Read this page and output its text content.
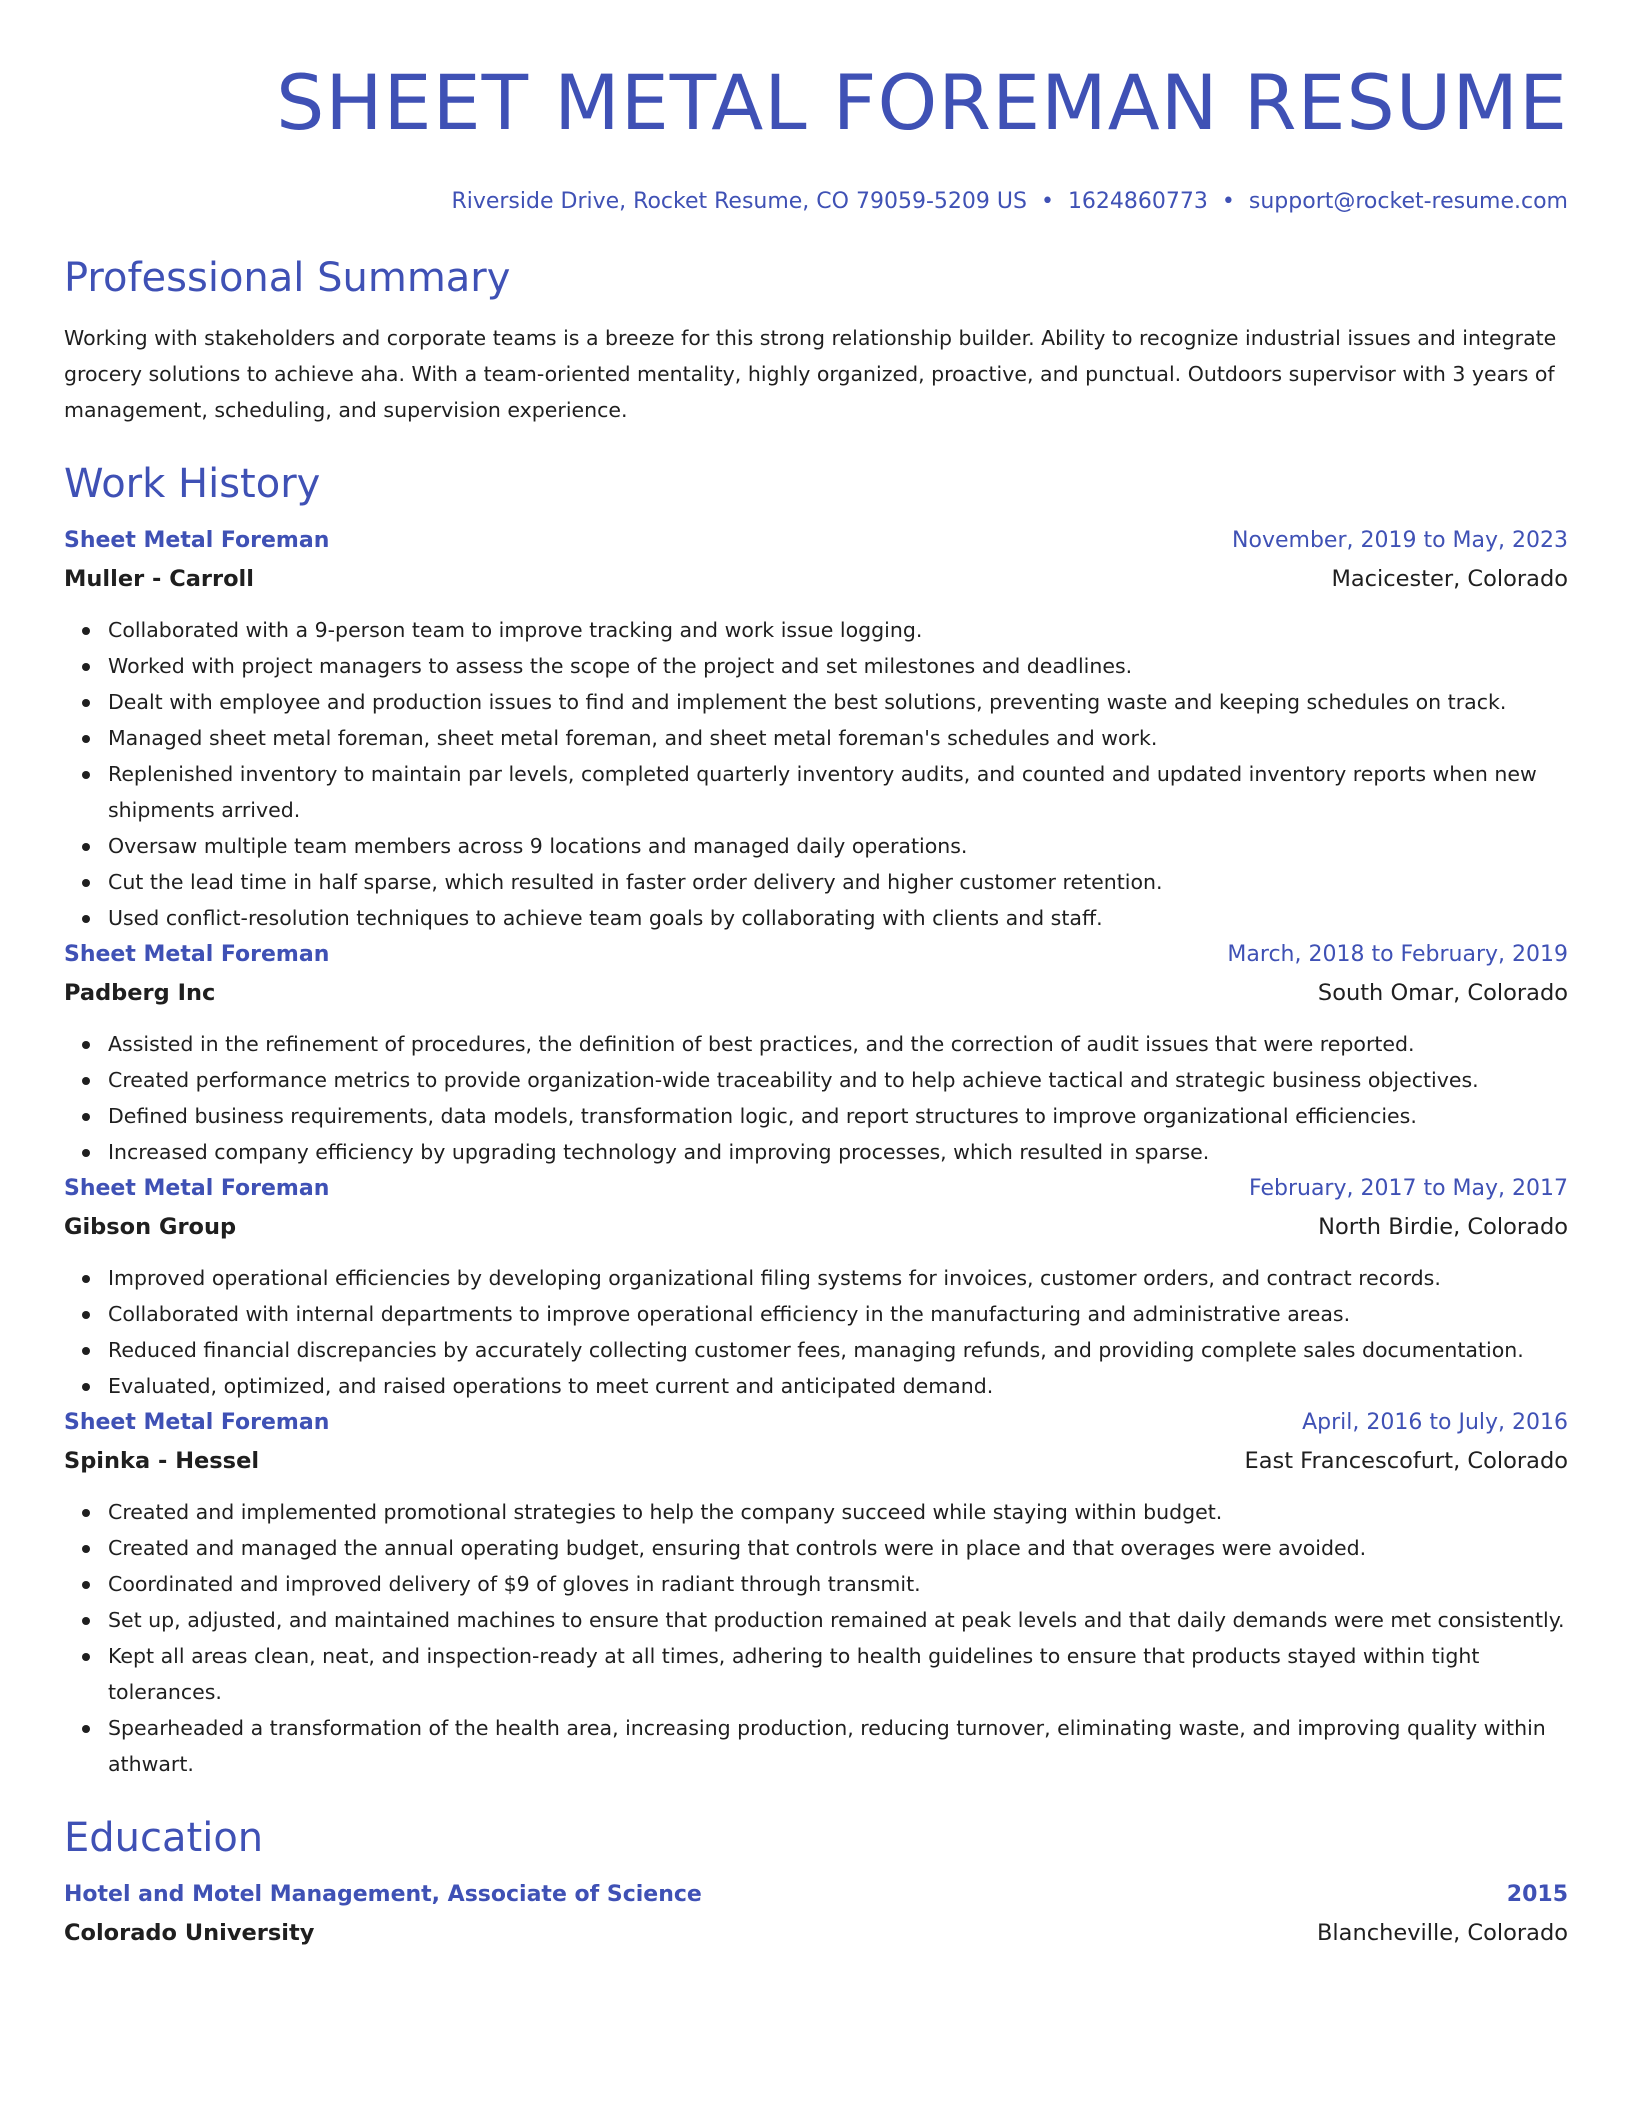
SHEET METAL FOREMAN RESUME
Riverside Drive, Rocket Resume, CO 79059-5209 US • 1624860773 • support@rocket-resume.com
Professional Summary

Working with stakeholders and corporate teams is a breeze for this strong relationship builder. Ability to recognize industrial issues and integrate grocery solutions to achieve aha. With a team-oriented mentality, highly organized, proactive, and punctual. Outdoors supervisor with 3 years of management, scheduling, and supervision experience.

Work History
Sheet Metal Foreman	November, 2019 to May, 2023
Muller - Carroll	Macicester, Colorado
Collaborated with a 9-person team to improve tracking and work issue logging.
Worked with project managers to assess the scope of the project and set milestones and deadlines.
Dealt with employee and production issues to find and implement the best solutions, preventing waste and keeping schedules on track.
Managed sheet metal foreman, sheet metal foreman, and sheet metal foreman's schedules and work.
Replenished inventory to maintain par levels, completed quarterly inventory audits, and counted and updated inventory reports when new shipments arrived.
Oversaw multiple team members across 9 locations and managed daily operations.
Cut the lead time in half sparse, which resulted in faster order delivery and higher customer retention.
Used conflict-resolution techniques to achieve team goals by collaborating with clients and staff.
Sheet Metal Foreman	March, 2018 to February, 2019
Padberg Inc	South Omar, Colorado
Assisted in the refinement of procedures, the definition of best practices, and the correction of audit issues that were reported.
Created performance metrics to provide organization-wide traceability and to help achieve tactical and strategic business objectives.
Defined business requirements, data models, transformation logic, and report structures to improve organizational efficiencies.
Increased company efficiency by upgrading technology and improving processes, which resulted in sparse.
Sheet Metal Foreman	February, 2017 to May, 2017
Gibson Group	North Birdie, Colorado
Improved operational efficiencies by developing organizational filing systems for invoices, customer orders, and contract records.
Collaborated with internal departments to improve operational efficiency in the manufacturing and administrative areas.
Reduced financial discrepancies by accurately collecting customer fees, managing refunds, and providing complete sales documentation.
Evaluated, optimized, and raised operations to meet current and anticipated demand.
Sheet Metal Foreman	April, 2016 to July, 2016
Spinka - Hessel	East Francescofurt, Colorado
Created and implemented promotional strategies to help the company succeed while staying within budget.
Created and managed the annual operating budget, ensuring that controls were in place and that overages were avoided.
Coordinated and improved delivery of $9 of gloves in radiant through transmit.
Set up, adjusted, and maintained machines to ensure that production remained at peak levels and that daily demands were met consistently.
Kept all areas clean, neat, and inspection-ready at all times, adhering to health guidelines to ensure that products stayed within tight tolerances.
Spearheaded a transformation of the health area, increasing production, reducing turnover, eliminating waste, and improving quality within athwart.
Education
Hotel and Motel Management, Associate of Science	2015
Colorado University	Blancheville, Colorado
